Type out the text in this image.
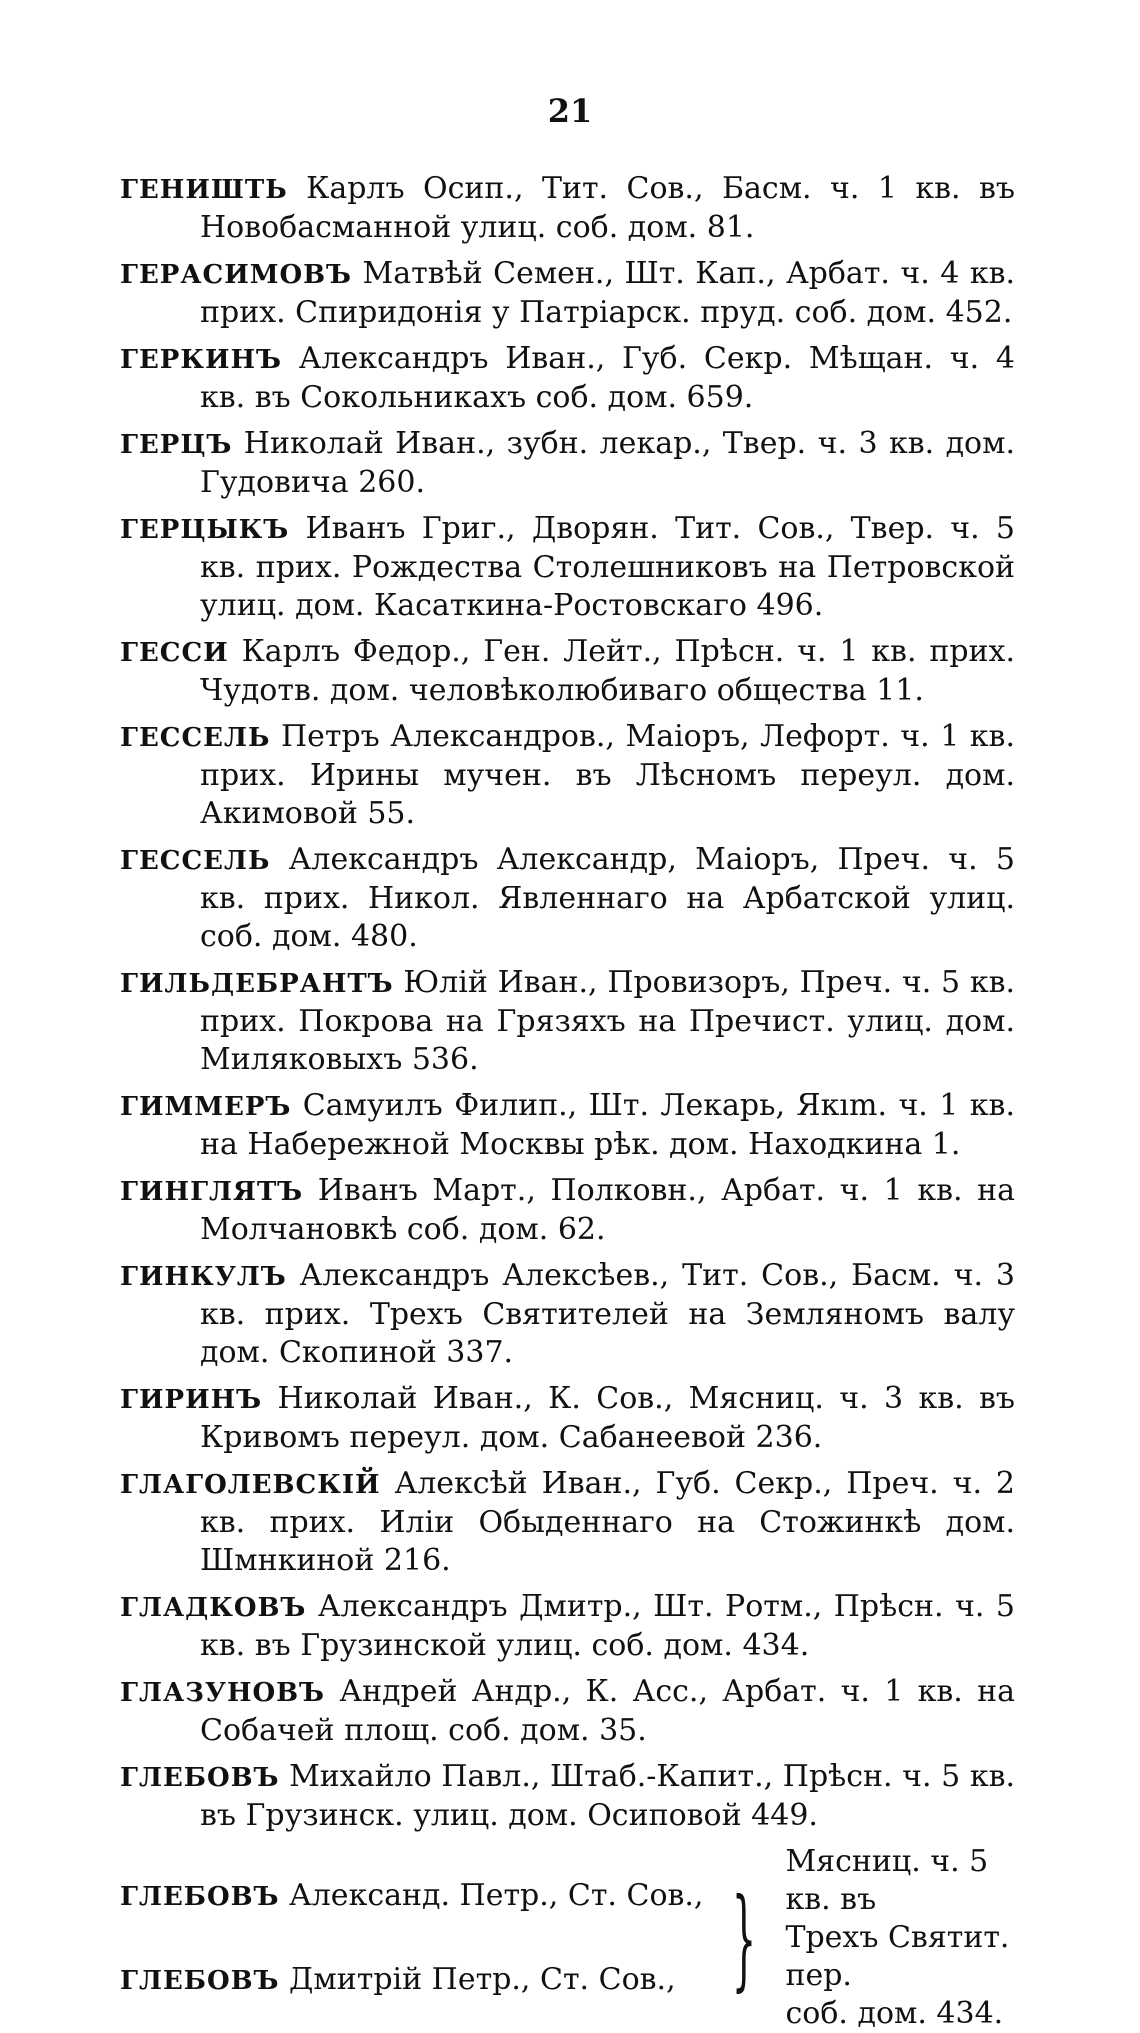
21

ГЕНИШТЬ Карлъ Осип., Тит. Сов., Басм. ч. 1 кв. въ Новобасманной улиц. соб. дом. 81.

ГЕРАСИМОВЪ Матвѣй Семен., Шт. Кап., Арбат. ч. 4 кв. прих. Спиридонія у Патріарск. пруд. соб. дом. 452.

ГЕРКИНЪ Александръ Иван., Губ. Секр. Мѣщан. ч. 4 кв. въ Сокольникахъ соб. дом. 659.

ГЕРЦЪ Николай Иван., зубн. лекар., Твер. ч. 3 кв. дом. Гудовича 260.

ГЕРЦЫКЪ Иванъ Григ., Дворян. Тит. Сов., Твер. ч. 5 кв. прих. Рождества Столешниковъ на Петровской улиц. дом. Касаткина-Ростовскаго 496.

ГЕССИ Карлъ Федор., Ген. Лейт., Прѣсн. ч. 1 кв. прих. Чудотв. дом. человѣколюбиваго общества 11.

ГЕССЕЛЬ Петръ Александров., Маіоръ, Лефорт. ч. 1 кв. прих. Ирины мучен. въ Лѣсномъ переул. дом. Акимовой 55.

ГЕССЕЛЬ Александръ Александр, Маіоръ, Преч. ч. 5 кв. прих. Никол. Явленнаго на Арбатской улиц. соб. дом. 480.

ГИЛЬДЕБРАНТЪ Юлій Иван., Провизоръ, Преч. ч. 5 кв. прих. Покрова на Грязяхъ на Пречист. улиц. дом. Миляковыхъ 536.

ГИММЕРЪ Самуилъ Филип., Шт. Лекарь, Якım. ч. 1 кв. на Набережной Москвы рѣк. дом. Находкина 1.

ГИНГЛЯТЪ Иванъ Март., Полковн., Арбат. ч. 1 кв. на Молчановкѣ соб. дом. 62.

ГИНКУЛЪ Александръ Алексѣев., Тит. Сов., Басм. ч. 3 кв. прих. Трехъ Святителей на Земляномъ валу дом. Скопиной 337.

ГИРИНЪ Николай Иван., К. Сов., Мясниц. ч. 3 кв. въ Кривомъ переул. дом. Сабанеевой 236.

ГЛАГОЛЕВСКІЙ Алексѣй Иван., Губ. Секр., Преч. ч. 2 кв. прих. Иліи Обыденнаго на Стожинкѣ дом. Шмнкиной 216.

ГЛАДКОВЪ Александръ Дмитр., Шт. Ротм., Прѣсн. ч. 5 кв. въ Грузинской улиц. соб. дом. 434.

ГЛАЗУНОВЪ Андрей Андр., К. Асс., Арбат. ч. 1 кв. на Собачей площ. соб. дом. 35.

ГЛЕБОВЪ Михайло Павл., Штаб.-Капит., Прѣсн. ч. 5 кв. въ Грузинск. улиц. дом. Осиповой 449.

ГЛЕБОВЪ Александ. Петр., Ст. Сов.,

ГЛЕБОВЪ Дмитрій Петр., Ст. Сов., }
Мясниц. ч. 5 кв. въ
Трехъ Святит. пер.
соб. дом. 434.
